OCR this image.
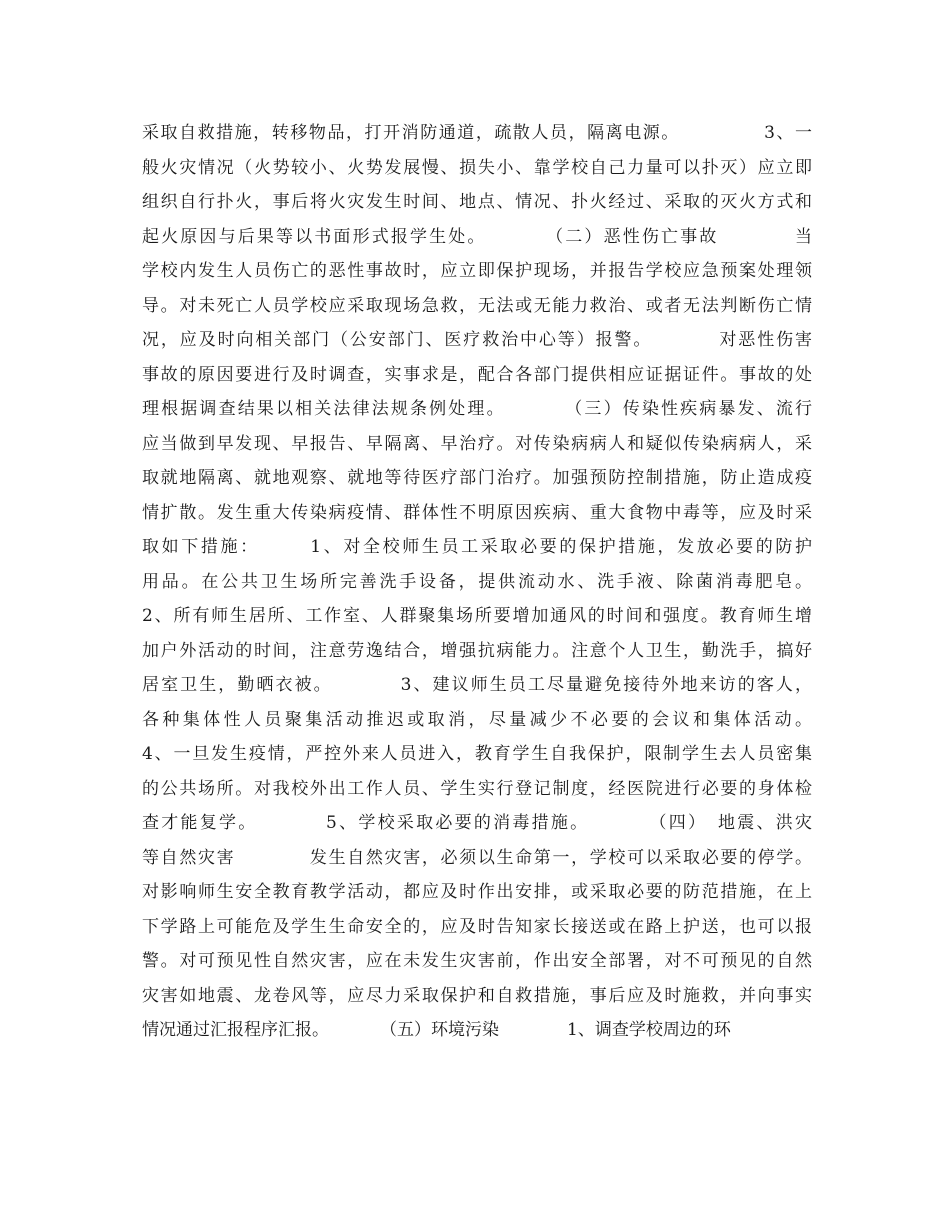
采取自救措施，转移物品，打开消防通道，疏散人员，隔离电源。　　　　　3、一
般火灾情况（火势较小、火势发展慢、损失小、靠学校自己力量可以扑灭）应立即
组织自行扑火，事后将火灾发生时间、地点、情况、扑火经过、采取的灭火方式和
起火原因与后果等以书面形式报学生处。　　　　（二）恶性伤亡事故　　　　当
学校内发生人员伤亡的恶性事故时，应立即保护现场，并报告学校应急预案处理领
导。对未死亡人员学校应采取现场急救，无法或无能力救治、或者无法判断伤亡情
况，应及时向相关部门（公安部门、医疗救治中心等）报警。　　　　对恶性伤害
事故的原因要进行及时调查，实事求是，配合各部门提供相应证据证件。事故的处
理根据调查结果以相关法律法规条例处理。　　　　（三）传染性疾病暴发、流行
应当做到早发现、早报告、早隔离、早治疗。对传染病病人和疑似传染病病人，采
取就地隔离、就地观察、就地等待医疗部门治疗。加强预防控制措施，防止造成疫
情扩散。发生重大传染病疫情、群体性不明原因疾病、重大食物中毒等，应及时采
取如下措施：　　　1、对全校师生员工采取必要的保护措施，发放必要的防护
用品。在公共卫生场所完善洗手设备，提供流动水、洗手液、除菌消毒肥皂。
2、所有师生居所、工作室、人群聚集场所要增加通风的时间和强度。教育师生增
加户外活动的时间，注意劳逸结合，增强抗病能力。注意个人卫生，勤洗手，搞好
居室卫生，勤晒衣被。　　　　3、建议师生员工尽量避免接待外地来访的客人，
各种集体性人员聚集活动推迟或取消，尽量减少不必要的会议和集体活动。
4、一旦发生疫情，严控外来人员进入，教育学生自我保护，限制学生去人员密集
的公共场所。对我校外出工作人员、学生实行登记制度，经医院进行必要的身体检
查才能复学。　　　　5、学校采取必要的消毒措施。　　　　（四）　地震、洪灾
等自然灾害　　　　发生自然灾害，必须以生命第一，学校可以采取必要的停学。
对影响师生安全教育教学活动，都应及时作出安排，或采取必要的防范措施，在上
下学路上可能危及学生生命安全的，应及时告知家长接送或在路上护送，也可以报
警。对可预见性自然灾害，应在未发生灾害前，作出安全部署，对不可预见的自然
灾害如地震、龙卷风等，应尽力采取保护和自救措施，事后应及时施救，并向事实
情况通过汇报程序汇报。　　　　（五）环境污染　　　　1、调查学校周边的环
